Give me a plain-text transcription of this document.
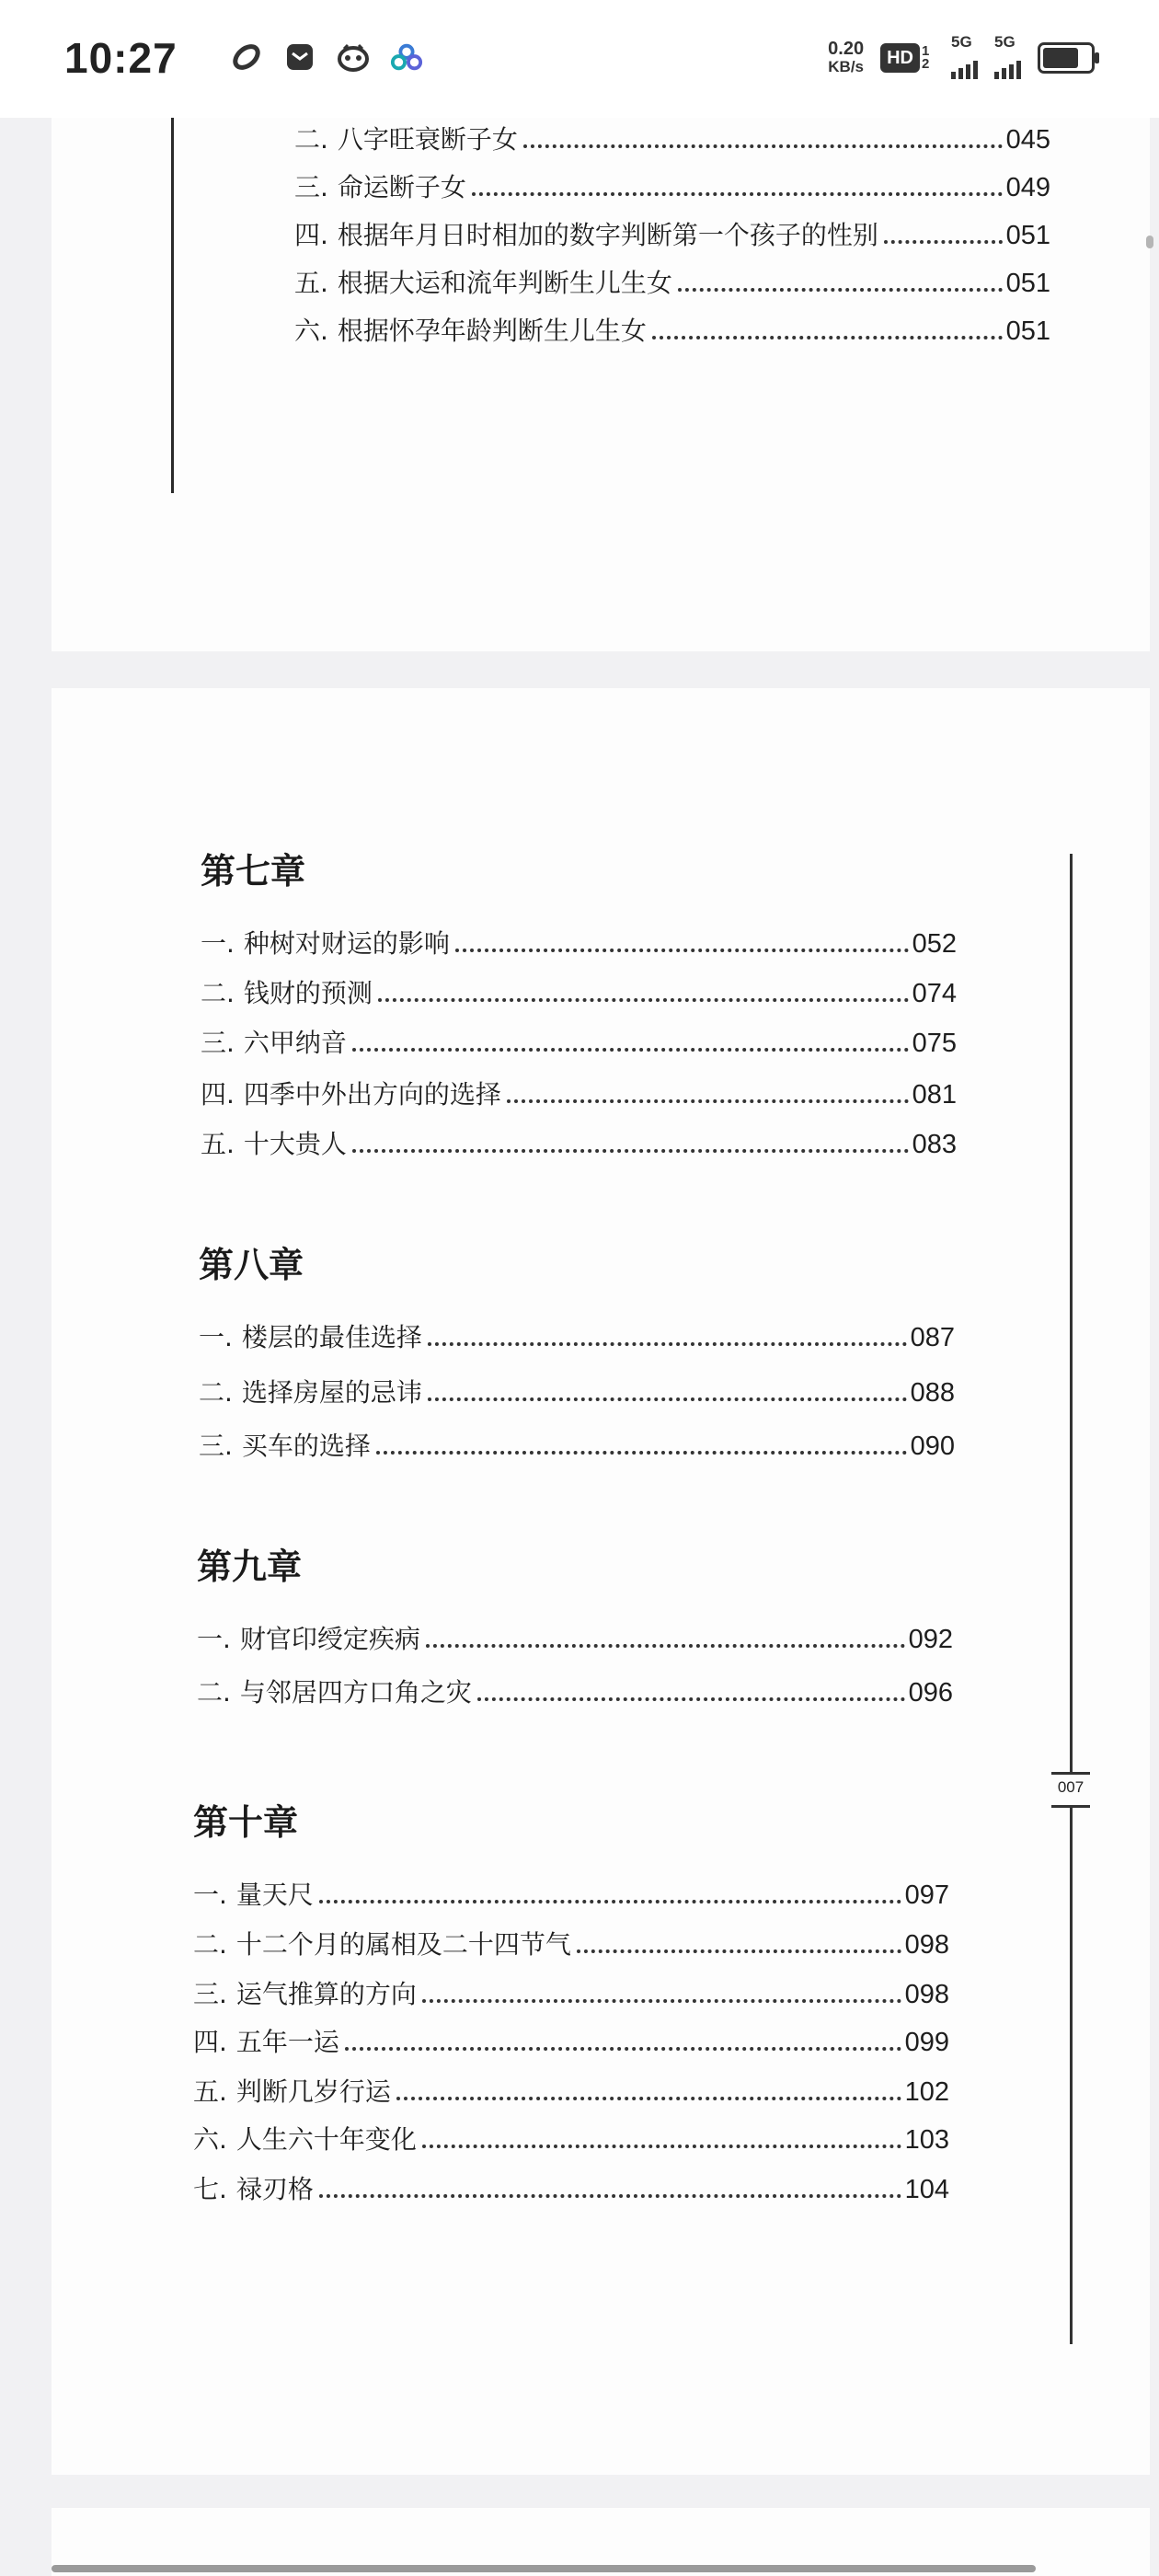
10:27	0.20
KB/s	HD 1 2
5G 5G
二. 八字旺衰断子女	045
三. 命运断子女	049
四. 根据年月日时相加的数字判断第一个孩子的性别	051
五. 根据大运和流年判断生儿生女	051
六. 根据怀孕年龄判断生儿生女	051
第七章
一. 种树对财运的影响	052
二. 钱财的预测	074
三. 六甲纳音	075
四. 四季中外出方向的选择	081
五. 十大贵人	083
第八章
一. 楼层的最佳选择	087
二. 选择房屋的忌讳	088
三. 买车的选择	090
第九章
一. 财官印绶定疾病	092
二. 与邻居四方口角之灾	096
第十章
一. 量天尺	097
二. 十二个月的属相及二十四节气	098
三. 运气推算的方向	098
四. 五年一运	099
五. 判断几岁行运	102
六. 人生六十年变化	103
七. 禄刃格	104
007
